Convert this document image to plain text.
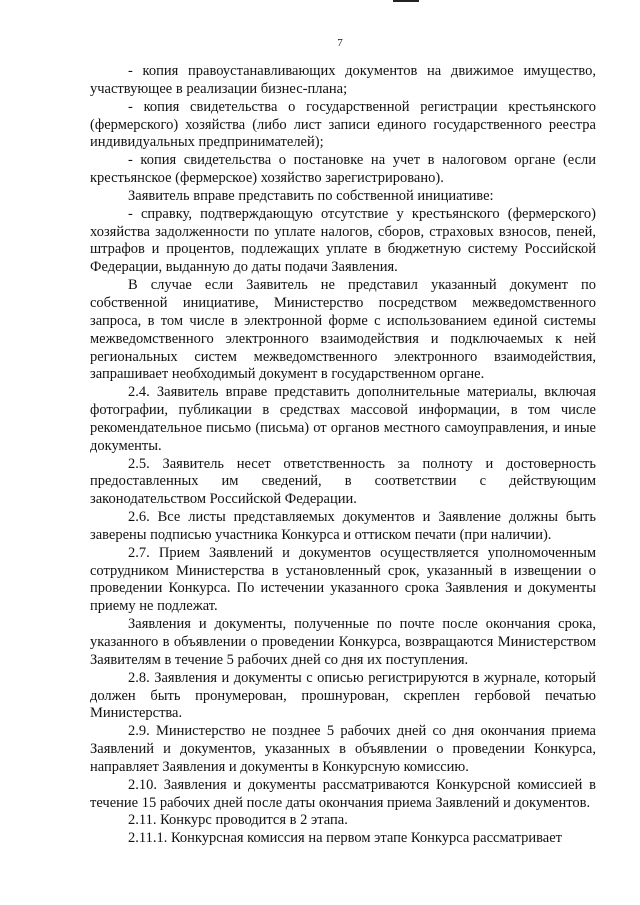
7

- копия правоустанавливающих документов на движимое имущество, участвующее в реализации бизнес-плана;

- копия свидетельства о государственной регистрации крестьянского (фермерского) хозяйства (либо лист записи единого государственного реестра индивидуальных предпринимателей);

- копия свидетельства о постановке на учет в налоговом органе (если крестьянское (фермерское) хозяйство зарегистрировано).

Заявитель вправе представить по собственной инициативе:

- справку, подтверждающую отсутствие у крестьянского (фермерского) хозяйства задолженности по уплате налогов, сборов, страховых взносов, пеней, штрафов и процентов, подлежащих уплате в бюджетную систему Российской Федерации, выданную до даты подачи Заявления.

В случае если Заявитель не представил указанный документ по собственной инициативе, Министерство посредством межведомственного запроса, в том числе в электронной форме с использованием единой системы межведомственного электронного взаимодействия и подключаемых к ней региональных систем межведомственного электронного взаимодействия, запрашивает необходимый документ в государственном органе.

2.4. Заявитель вправе представить дополнительные материалы, включая фотографии, публикации в средствах массовой информации, в том числе рекомендательное письмо (письма) от органов местного самоуправления, и иные документы.

2.5. Заявитель несет ответственность за полноту и достоверность предоставленных им сведений, в соответствии с действующим законодательством Российской Федерации.

2.6. Все листы представляемых документов и Заявление должны быть заверены подписью участника Конкурса и оттиском печати (при наличии).

2.7. Прием Заявлений и документов осуществляется уполномоченным сотрудником Министерства в установленный срок, указанный в извещении о проведении Конкурса. По истечении указанного срока Заявления и документы приему не подлежат.

Заявления и документы, полученные по почте после окончания срока, указанного в объявлении о проведении Конкурса, возвращаются Министерством Заявителям в течение 5 рабочих дней со дня их поступления.

2.8. Заявления и документы с описью регистрируются в журнале, который должен быть пронумерован, прошнурован, скреплен гербовой печатью Министерства.

2.9. Министерство не позднее 5 рабочих дней со дня окончания приема Заявлений и документов, указанных в объявлении о проведении Конкурса, направляет Заявления и документы в Конкурсную комиссию.

2.10. Заявления и документы рассматриваются Конкурсной комиссией в течение 15 рабочих дней после даты окончания приема Заявлений и документов.

2.11. Конкурс проводится в 2 этапа.

2.11.1. Конкурсная комиссия на первом этапе Конкурса рассматривает
